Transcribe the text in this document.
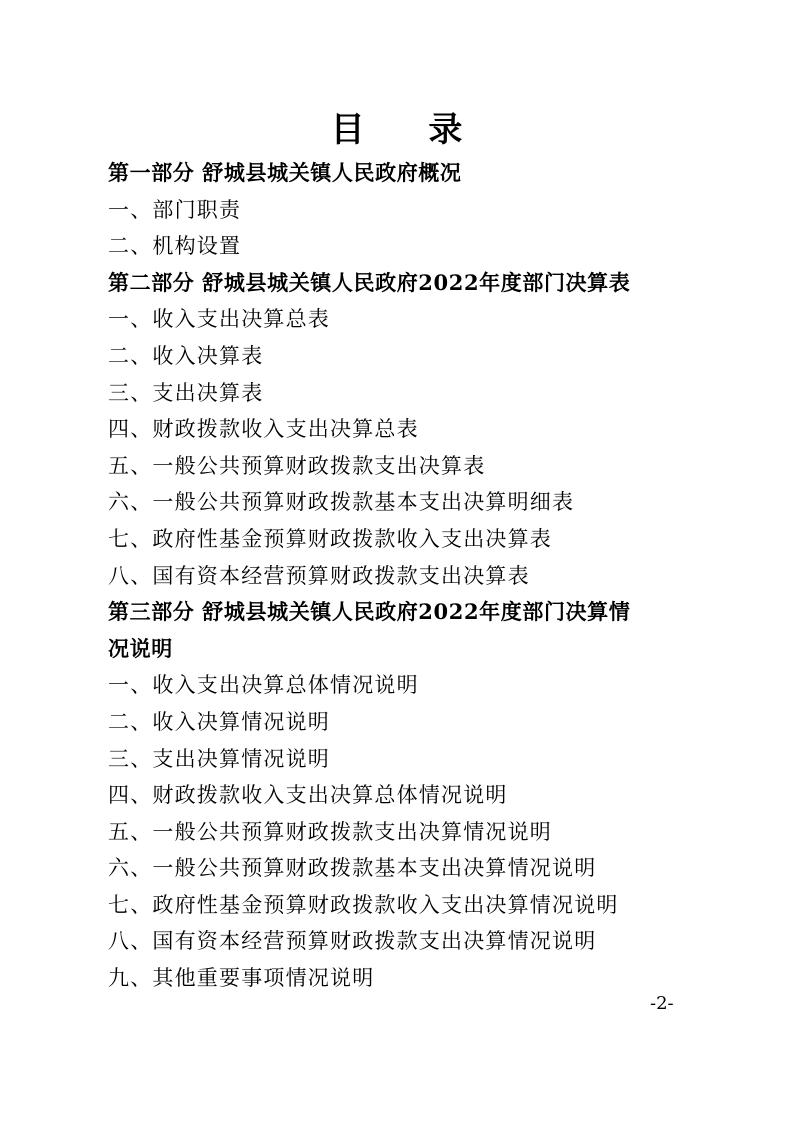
目 录
第一部分 舒城县城关镇人民政府概况
一、部门职责
二、机构设置
第二部分 舒城县城关镇人民政府2022年度部门决算表
一、收入支出决算总表
二、收入决算表
三、支出决算表
四、财政拨款收入支出决算总表
五、一般公共预算财政拨款支出决算表
六、一般公共预算财政拨款基本支出决算明细表
七、政府性基金预算财政拨款收入支出决算表
八、国有资本经营预算财政拨款支出决算表
第三部分 舒城县城关镇人民政府2022年度部门决算情
况说明
一、收入支出决算总体情况说明
二、收入决算情况说明
三、支出决算情况说明
四、财政拨款收入支出决算总体情况说明
五、一般公共预算财政拨款支出决算情况说明
六、一般公共预算财政拨款基本支出决算情况说明
七、政府性基金预算财政拨款收入支出决算情况说明
八、国有资本经营预算财政拨款支出决算情况说明
九、其他重要事项情况说明
-2-
